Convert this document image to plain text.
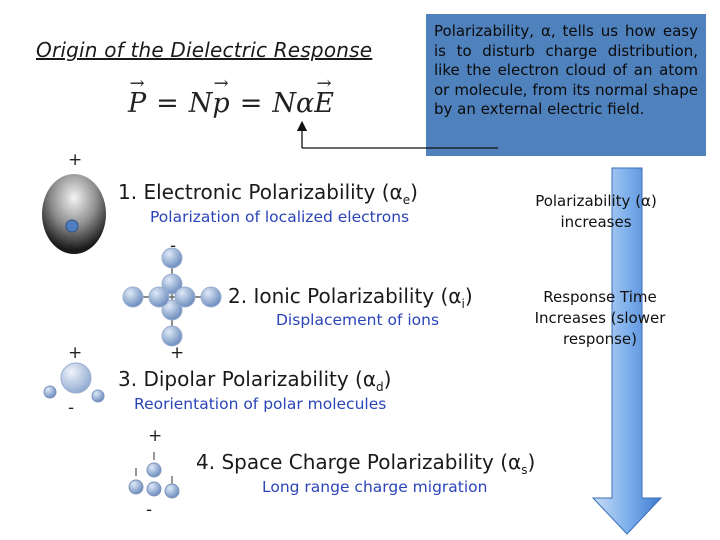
Origin of the Dielectric Response
→ P = N→ p = Nα→ E
Polarizability, α, tells us how easy is to disturb charge distribution, like the electron cloud of an atom or molecule, from its normal shape by an external electric field.
+
-	-
+	+
-
+
-
1. Electronic Polarizability $(\alpha_e)$
Polarization of localized electrons
2. Ionic Polarizability $(\alpha_i)$
Displacement of ions
3. Dipolar Polarizability $(\alpha_d)$
Reorientation of polar molecules
4. Space Charge Polarizability $(\alpha_s)$
Long range charge migration
Polarizability (α) increases
Response Time Increases (slower response)
